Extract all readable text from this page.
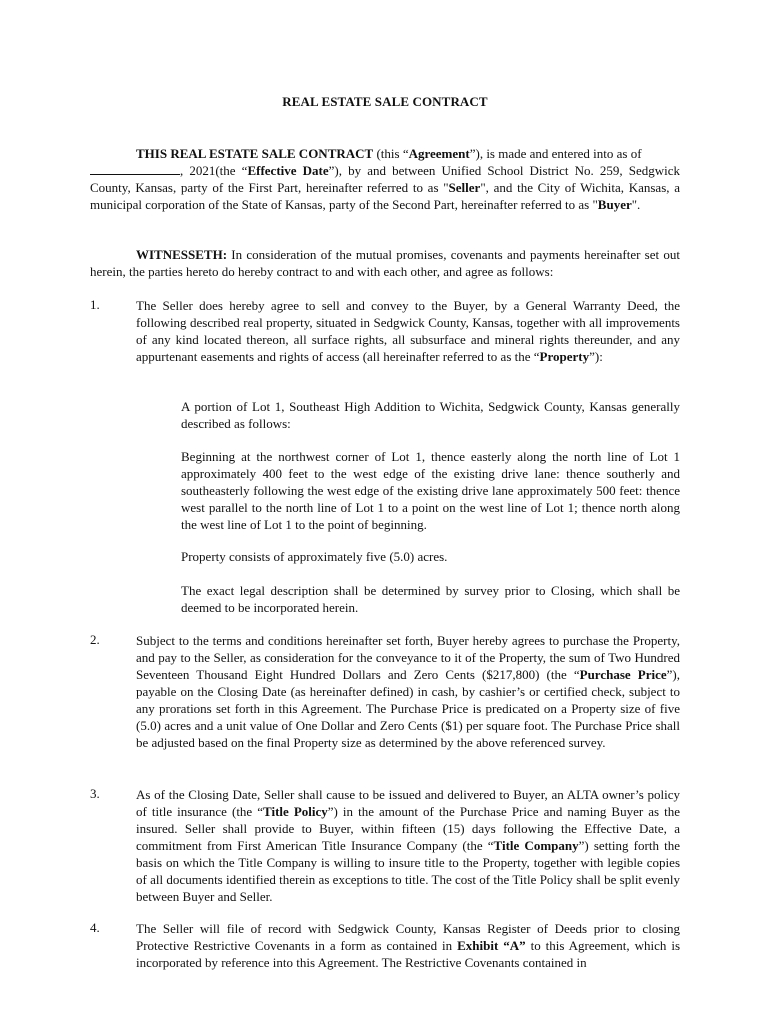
REAL ESTATE SALE CONTRACT

THIS REAL ESTATE SALE CONTRACT (this “Agreement”), is made and entered into as of
, 2021(the “Effective Date”), by and between Unified School District No. 259, Sedgwick County, Kansas, party of the First Part, hereinafter referred to as "Seller", and the City of Wichita, Kansas, a municipal corporation of the State of Kansas, party of the Second Part, hereinafter referred to as "Buyer".

WITNESSETH: In consideration of the mutual promises, covenants and payments hereinafter set out herein, the parties hereto do hereby contract to and with each other, and agree as follows:

1.	The Seller does hereby agree to sell and convey to the Buyer, by a General Warranty Deed, the following described real property, situated in Sedgwick County, Kansas, together with all improvements of any kind located thereon, all surface rights, all subsurface and mineral rights thereunder, and any appurtenant easements and rights of access (all hereinafter referred to as the “Property”):
A portion of Lot 1, Southeast High Addition to Wichita, Sedgwick County, Kansas generally described as follows:
Beginning at the northwest corner of Lot 1, thence easterly along the north line of Lot 1 approximately 400 feet to the west edge of the existing drive lane: thence southerly and southeasterly following the west edge of the existing drive lane approximately 500 feet: thence west parallel to the north line of Lot 1 to a point on the west line of Lot 1; thence north along the west line of Lot 1 to the point of beginning.
Property consists of approximately five (5.0) acres.
The exact legal description shall be determined by survey prior to Closing, which shall be deemed to be incorporated herein.
2.	Subject to the terms and conditions hereinafter set forth, Buyer hereby agrees to purchase the Property, and pay to the Seller, as consideration for the conveyance to it of the Property, the sum of Two Hundred Seventeen Thousand Eight Hundred Dollars and Zero Cents ($217,800) (the “Purchase Price”), payable on the Closing Date (as hereinafter defined) in cash, by cashier’s or certified check, subject to any prorations set forth in this Agreement. The Purchase Price is predicated on a Property size of five (5.0) acres and a unit value of One Dollar and Zero Cents ($1) per square foot. The Purchase Price shall be adjusted based on the final Property size as determined by the above referenced survey.
3.	As of the Closing Date, Seller shall cause to be issued and delivered to Buyer, an ALTA owner’s policy of title insurance (the “Title Policy”) in the amount of the Purchase Price and naming Buyer as the insured. Seller shall provide to Buyer, within fifteen (15) days following the Effective Date, a commitment from First American Title Insurance Company (the “Title Company”) setting forth the basis on which the Title Company is willing to insure title to the Property, together with legible copies of all documents identified therein as exceptions to title. The cost of the Title Policy shall be split evenly between Buyer and Seller.
4.	The Seller will file of record with Sedgwick County, Kansas Register of Deeds prior to closing Protective Restrictive Covenants in a form as contained in Exhibit “A” to this Agreement, which is incorporated by reference into this Agreement. The Restrictive Covenants contained in
